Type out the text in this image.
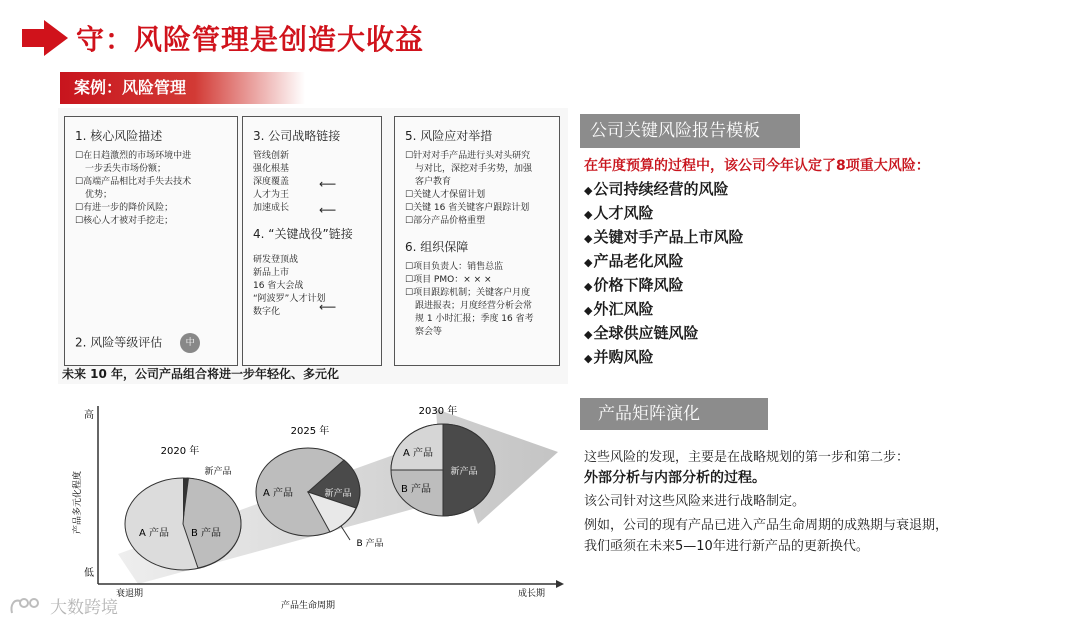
守：风险管理是创造大收益
案例：风险管理
1. 核心风险描述
☐在日趋激烈的市场环境中进
一步丢失市场份额；
☐高端产品相比对手失去技术
优势；
☐有进一步的降价风险；
☐核心人才被对手挖走；
2. 风险等级评估	中
3. 公司战略链接
管线创新
强化根基
深度覆盖
人才为王
加速成长
⟵
⟵
4. “关键战役”链接
研发登顶战
新品上市
16 省大会战
“阿波罗”人才计划
数字化	⟵
5. 风险应对举措
☐针对对手产品进行头对头研究
与对比，深挖对手劣势，加强
客户教育
☐关键人才保留计划
☐关键 16 省关键客户跟踪计划
☐部分产品价格重塑
6. 组织保障
☐项目负责人：销售总监
☐项目 PMO：× × ×
☐项目跟踪机制；关键客户月度
跟进报表；月度经营分析会常
规 1 小时汇报；季度 16 省考
察会等
未来 10 年，公司产品组合将进一步年轻化、多元化
高
低
产品多元化程度
产品生命周期
衰退期	成长期
2020 年
A 产品 B 产品
新产品
2025 年
A 产品	新产品
B 产品
2030 年
A 产品
B 产品
新产品
公司关键风险报告模板
在年度预算的过程中，该公司今年认定了8项重大风险：
◆公司持续经营的风险
◆人才风险
◆关键对手产品上市风险
◆产品老化风险
◆价格下降风险
◆外汇风险
◆全球供应链风险
◆并购风险
产品矩阵演化
这些风险的发现，主要是在战略规划的第一步和第二步：
外部分析与内部分析的过程。
该公司针对这些风险来进行战略制定。
例如，公司的现有产品已进入产品生命周期的成熟期与衰退期，
我们亟须在未来5—10年进行新产品的更新换代。
大数跨境
